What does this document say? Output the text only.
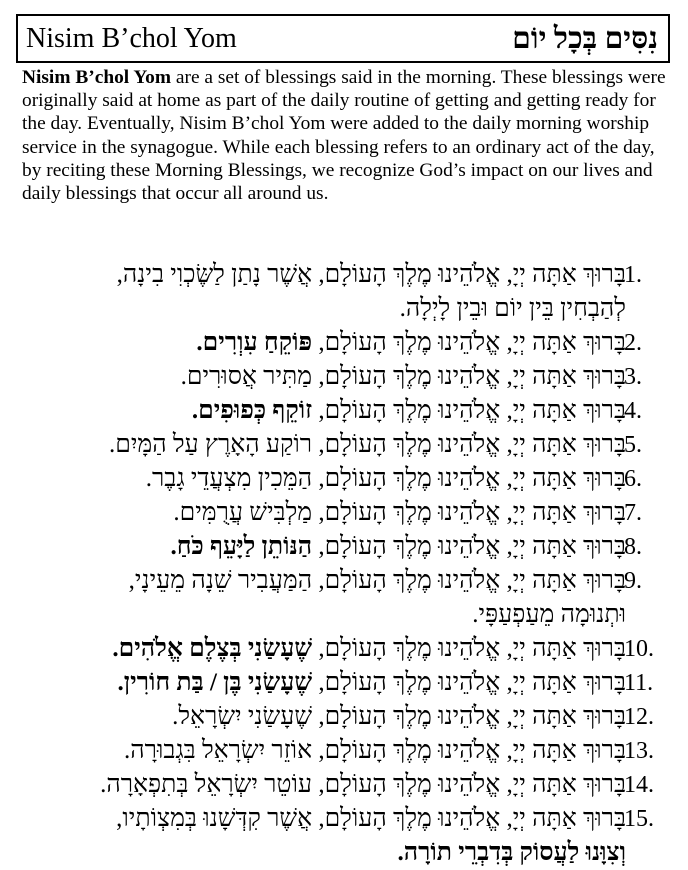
Nisim B’chol Yom	נִסִּים בְּכָל יוֹם
Nisim B’chol Yom are a set of blessings said in the morning. These blessings were originally said at home as part of the daily routine of getting and getting ready for the day. Eventually, Nisim B’chol Yom were added to the daily morning worship service in the synagogue. While each blessing refers to an ordinary act of the day, by reciting these Morning Blessings, we recognize God’s impact on our lives and daily blessings that occur all around us.
1.
בָּרוּךְ אַתָּה יְיָ, אֱלֹהֵינוּ מֶלֶךְ הָעוֹלָם, אֲשֶׁר נָתַן לַשֶּׂכְוִי בִינָה,
לְהַבְחִין בֵּין יוֹם וּבֵין לָיְלָה.
2.
בָּרוּךְ אַתָּה יְיָ, אֱלֹהֵינוּ מֶלֶךְ הָעוֹלָם, פּוֹקֵחַ עִוְרִים.
3.
בָּרוּךְ אַתָּה יְיָ, אֱלֹהֵינוּ מֶלֶךְ הָעוֹלָם, מַתִּיר אֲסוּרִים.
4.
בָּרוּךְ אַתָּה יְיָ, אֱלֹהֵינוּ מֶלֶךְ הָעוֹלָם, זוֹקֵף כְּפוּפִים.
5.
בָּרוּךְ אַתָּה יְיָ, אֱלֹהֵינוּ מֶלֶךְ הָעוֹלָם, רוֹקַע הָאָרֶץ עַל הַמָּיִם.
6.
בָּרוּךְ אַתָּה יְיָ, אֱלֹהֵינוּ מֶלֶךְ הָעוֹלָם, הַמֵּכִין מִצְעֲדֵי גָבֶר.
7.
בָּרוּךְ אַתָּה יְיָ, אֱלֹהֵינוּ מֶלֶךְ הָעוֹלָם, מַלְבִּישׁ עֲרֻמִּים.
8.
בָּרוּךְ אַתָּה יְיָ, אֱלֹהֵינוּ מֶלֶךְ הָעוֹלָם, הַנּוֹתֵן לַיָּעֵף כֹּחַ.
9.
בָּרוּךְ אַתָּה יְיָ, אֱלֹהֵינוּ מֶלֶךְ הָעוֹלָם, הַמַּעֲבִיר שֵׁנָה מֵעֵינָי,
וּתְנוּמָה מֵעַפְעַפָּי.
10.
בָּרוּךְ אַתָּה יְיָ, אֱלֹהֵינוּ מֶלֶךְ הָעוֹלָם, שֶׁעָשַׂנִי בְּצֶלֶם אֱלֹהִים.
11.
בָּרוּךְ אַתָּה יְיָ, אֱלֹהֵינוּ מֶלֶךְ הָעוֹלָם, שֶׁעָשַׂנִי בֶּן / בַּת חוֹרִין.
12.
בָּרוּךְ אַתָּה יְיָ, אֱלֹהֵינוּ מֶלֶךְ הָעוֹלָם, שֶׁעָשַׂנִי יִשְׂרָאֵל.
13.
בָּרוּךְ אַתָּה יְיָ, אֱלֹהֵינוּ מֶלֶךְ הָעוֹלָם, אוֹזֵר יִשְׂרָאֵל בִּגְבוּרָה.
14.
בָּרוּךְ אַתָּה יְיָ, אֱלֹהֵינוּ מֶלֶךְ הָעוֹלָם, עוֹטֵר יִשְׂרָאֵל בְּתִפְאָרָה.
15.
בָּרוּךְ אַתָּה יְיָ, אֱלֹהֵינוּ מֶלֶךְ הָעוֹלָם, אֲשֶׁר קִדְּשָׁנוּ בְּמִצְוֹתָיו,
וְצִוָּנוּ לַעֲסוֹק בְּדִבְרֵי תוֹרָה.
